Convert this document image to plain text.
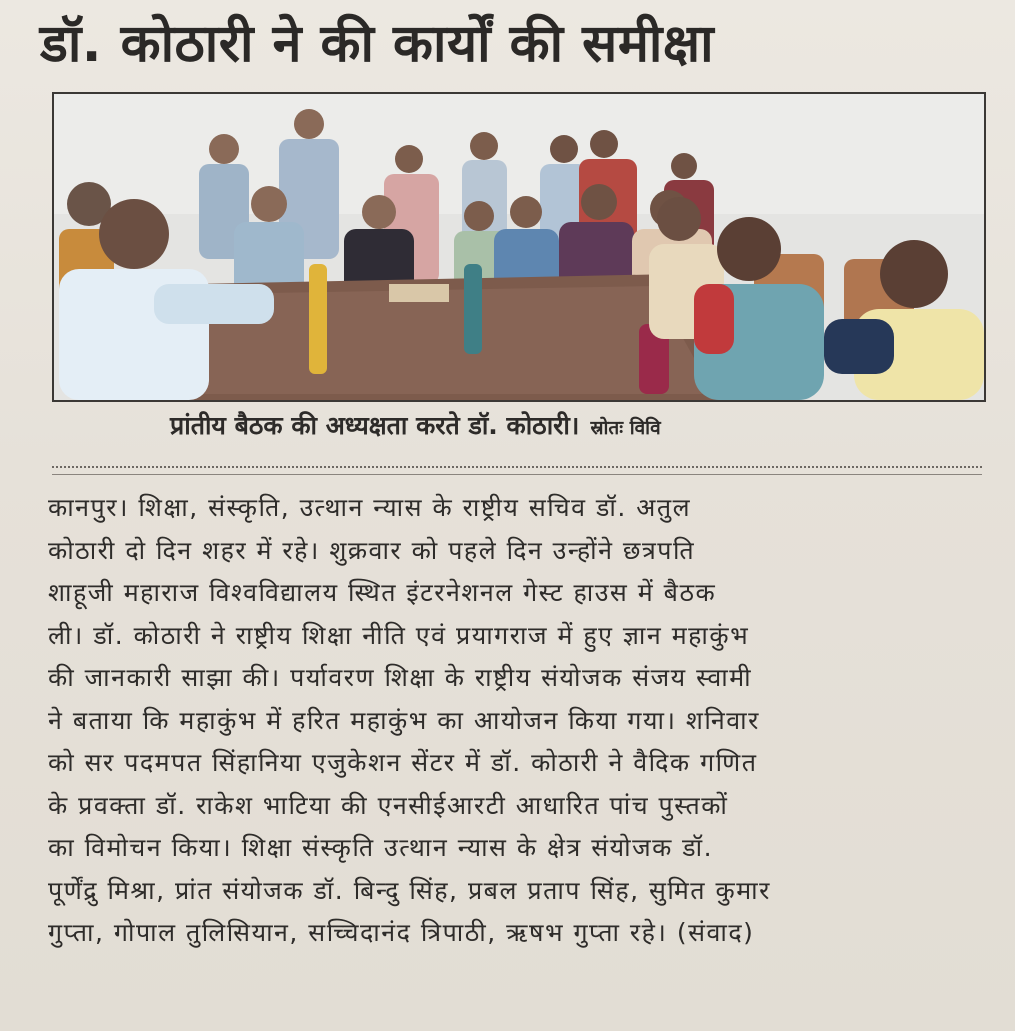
डॉ. कोठारी ने की कार्यों की समीक्षा
प्रांतीय बैठक की अध्यक्षता करते डॉ. कोठारी। स्रोतः विवि
कानपुर। शिक्षा, संस्कृति, उत्थान न्यास के राष्ट्रीय सचिव डॉ. अतुल
कोठारी दो दिन शहर में रहे। शुक्रवार को पहले दिन उन्होंने छत्रपति
शाहूजी महाराज विश्वविद्यालय स्थित इंटरनेशनल गेस्ट हाउस में बैठक
ली। डॉ. कोठारी ने राष्ट्रीय शिक्षा नीति एवं प्रयागराज में हुए ज्ञान महाकुंभ
की जानकारी साझा की। पर्यावरण शिक्षा के राष्ट्रीय संयोजक संजय स्वामी
ने बताया कि महाकुंभ में हरित महाकुंभ का आयोजन किया गया। शनिवार
को सर पदमपत सिंहानिया एजुकेशन सेंटर में डॉ. कोठारी ने वैदिक गणित
के प्रवक्ता डॉ. राकेश भाटिया की एनसीईआरटी आधारित पांच पुस्तकों
का विमोचन किया। शिक्षा संस्कृति उत्थान न्यास के क्षेत्र संयोजक डॉ.
पूर्णेंद्रु मिश्रा, प्रांत संयोजक डॉ. बिन्दु सिंह, प्रबल प्रताप सिंह, सुमित कुमार
गुप्ता, गोपाल तुलिसियान, सच्चिदानंद त्रिपाठी, ऋषभ गुप्ता रहे। (संवाद)
